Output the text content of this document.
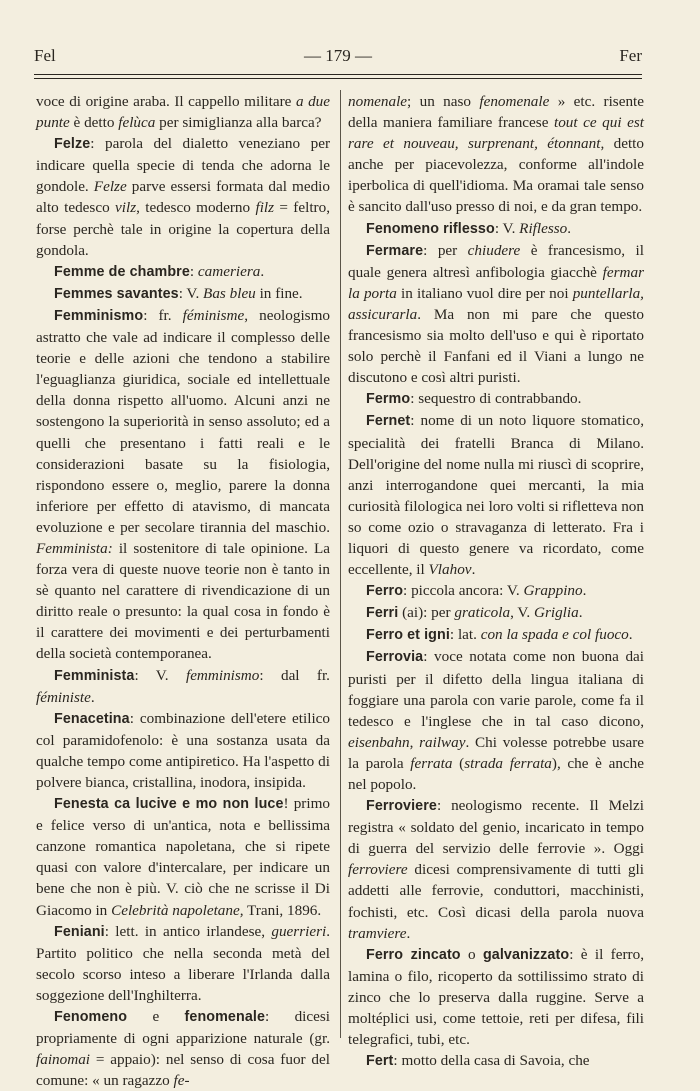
Fel	— 179 —	Fer

voce di origine araba. Il cappello militare a due punte è detto felùca per simiglianza alla barca?

Felze: parola del dialetto veneziano per indicare quella specie di tenda che adorna le gondole. Felze parve essersi formata dal medio alto tedesco vilz, tedesco moderno filz = feltro, forse perchè tale in origine la copertura della gondola.

Femme de chambre: cameriera.

Femmes savantes: V. Bas bleu in fine.

Femminismo: fr. féminisme, neologismo astratto che vale ad indicare il complesso delle teorie e delle azioni che tendono a stabilire l'eguaglianza giuridica, sociale ed intellettuale della donna rispetto all'uomo. Alcuni anzi ne sostengono la superiorità in senso assoluto; ed a quelli che presentano i fatti reali e le considerazioni basate su la fisiologia, rispondono essere o, meglio, parere la donna inferiore per effetto di atavismo, di mancata evoluzione e per secolare tirannia del maschio. Femminista: il sostenitore di tale opinione. La forza vera di queste nuove teorie non è tanto in sè quanto nel carattere di rivendicazione di un diritto reale o presunto: la qual cosa in fondo è il carattere dei movimenti e dei perturbamenti della società contemporanea.

Femminista: V. femminismo: dal fr. féministe.

Fenacetina: combinazione dell'etere etilico col paramidofenolo: è una sostanza usata da qualche tempo come antipiretico. Ha l'aspetto di polvere bianca, cristallina, inodora, insipida.

Fenesta ca lucive e mo non luce! primo e felice verso di un'antica, nota e bellissima canzone romantica napoletana, che si ripete quasi con valore d'intercalare, per indicare un bene che non è più. V. ciò che ne scrisse il Di Giacomo in Celebrità napoletane, Trani, 1896.

Feniani: lett. in antico irlandese, guerrieri. Partito politico che nella seconda metà del secolo scorso inteso a liberare l'Irlanda dalla soggezione dell'Inghilterra.

Fenomeno e fenomenale: dicesi propriamente di ogni apparizione naturale (gr. fainomai = appaio): nel senso di cosa fuor del comune: « un ragazzo fe-

nomenale; un naso fenomenale » etc. risente della maniera familiare francese tout ce qui est rare et nouveau, surprenant, étonnant, detto anche per piacevolezza, conforme all'indole iperbolica di quell'idioma. Ma oramai tale senso è sancito dall'uso presso di noi, e da gran tempo.

Fenomeno riflesso: V. Riflesso.

Fermare: per chiudere è francesismo, il quale genera altresì anfibologia giacchè fermar la porta in italiano vuol dire per noi puntellarla, assicurarla. Ma non mi pare che questo francesismo sia molto dell'uso e qui è riportato solo perchè il Fanfani ed il Viani a lungo ne discutono e così altri puristi.

Fermo: sequestro di contrabbando.

Fernet: nome di un noto liquore stomatico, specialità dei fratelli Branca di Milano. Dell'origine del nome nulla mi riuscì di scoprire, anzi interrogandone quei mercanti, la mia curiosità filologica nei loro volti si rifletteva non so come ozio o stravaganza di letterato. Fra i liquori di questo genere va ricordato, come eccellente, il Vlahov.

Ferro: piccola ancora: V. Grappino.

Ferri (ai): per graticola, V. Griglia.

Ferro et igni: lat. con la spada e col fuoco.

Ferrovia: voce notata come non buona dai puristi per il difetto della lingua italiana di foggiare una parola con varie parole, come fa il tedesco e l'inglese che in tal caso dicono, eisenbahn, railway. Chi volesse potrebbe usare la parola ferrata (strada ferrata), che è anche nel popolo.

Ferroviere: neologismo recente. Il Melzi registra « soldato del genio, incaricato in tempo di guerra del servizio delle ferrovie ». Oggi ferroviere dicesi comprensivamente di tutti gli addetti alle ferrovie, conduttori, macchinisti, fochisti, etc. Così dicasi della parola nuova tramviere.

Ferro zincato o galvanizzato: è il ferro, lamina o filo, ricoperto da sottilissimo strato di zinco che lo preserva dalla ruggine. Serve a moltéplici usi, come tettoie, reti per difesa, fili telegrafici, tubi, etc.

Fert: motto della casa di Savoia, che
